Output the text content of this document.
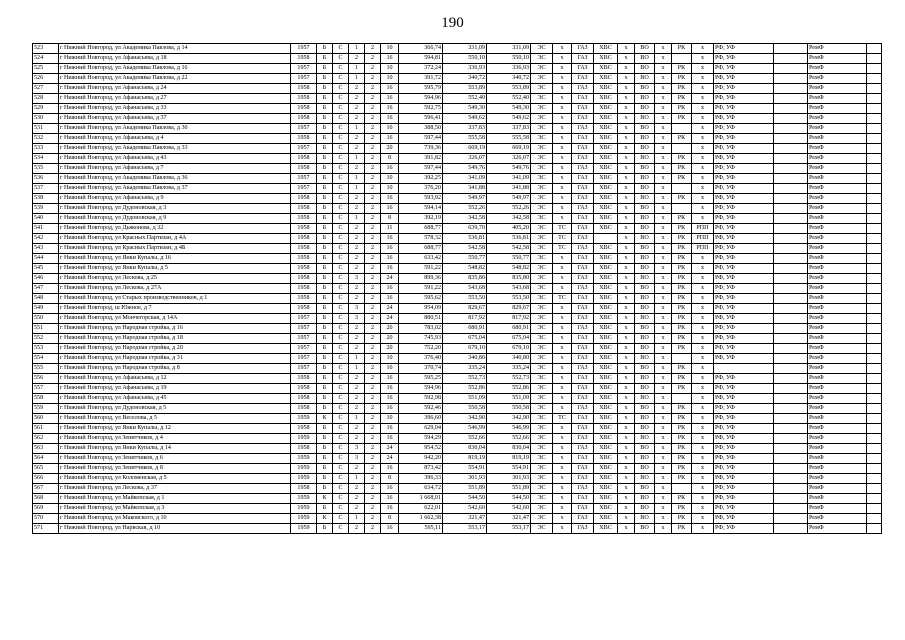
190
523	г Нижний Новгород, ул Академика Павлова, д 14	1957	Б	С	1	2	10	366,74	331,09	331,09	ЭС	х	ГАЗ	ХВС	х	ВО	х	РК	х	РФ, УФ		РемФ	
524	г Нижний Новгород, ул Афанасьева, д 18	1958	Б	С	2	2	16	594,81	550,10	550,10	ЭС	х	ГАЗ	ХВС	х	ВО	х		х	РФ, УФ		РемФ	
525	г Нижний Новгород, ул Академика Павлова, д 16	1957	Б	С	1	2	10	372,24	336,93	336,93	ЭС	х	ГАЗ	ХВС	х	ВО	х	РК	х	РФ, УФ		РемФ	
526	г Нижний Новгород, ул Академика Павлова, д 22	1957	Б	С	1	2	10	391,72	340,72	340,72	ЭС	х	ГАЗ	ХВС	х	ВО	х	РК	х	РФ, УФ		РемФ	
527	г Нижний Новгород, ул Афанасьева, д 24	1958	Б	С	2	2	16	595,79	553,89	553,89	ЭС	х	ГАЗ	ХВС	х	ВО	х	РК	х	РФ, УФ		РемФ	
528	г Нижний Новгород, ул Афанасьева, д 27	1958	Б	С	2	2	16	594,96	552,40	552,40	ЭС	х	ГАЗ	ХВС	х	ВО	х	РК	х	РФ, УФ		РемФ	
529	г Нижний Новгород, ул Афанасьева, д 33	1958	Б	С	2	2	16	592,75	549,30	549,30	ЭС	х	ГАЗ	ХВС	х	ВО	х	РК	х	РФ, УФ		РемФ	
530	г Нижний Новгород, ул Афанасьева, д 37	1958	Б	С	2	2	16	596,41	549,62	549,62	ЭС	х	ГАЗ	ХВС	х	ВО	х	РК	х	РФ, УФ		РемФ	
531	г Нижний Новгород, ул Академика Павлова, д 30	1957	Б	С	1	2	10	388,50	337,83	337,83	ЭС	х	ГАЗ	ХВС	х	ВО	х		х	РФ, УФ		РемФ	
532	г Нижний Новгород, ул Афанасьева, д 4	1958	Б	С	2	2	16	597,44	555,58	555,58	ЭС	х	ГАЗ	ХВС	х	ВО	х	РК	х	РФ, УФ		РемФ	
533	г Нижний Новгород, ул Академика Павлова, д 33	1957	Б	С	2	2	20	739,36	669,19	669,19	ЭС	х	ГАЗ	ХВС	х	ВО	х		х	РФ, УФ		РемФ	
534	г Нижний Новгород, ул Афанасьева, д 43	1958	Б	С	1	2	8	391,82	326,07	326,07	ЭС	х	ГАЗ	ХВС	х	ВО	х	РК	х	РФ, УФ		РемФ	
535	г Нижний Новгород, ул Афанасьева, д 7	1958	Б	С	2	2	16	597,44	549,76	549,76	ЭС	х	ГАЗ	ХВС	х	ВО	х	РК	х	РФ, УФ		РемФ	
536	г Нижний Новгород, ул Академика Павлова, д 36	1957	Б	С	1	2	10	392,25	341,09	341,09	ЭС	х	ГАЗ	ХВС	х	ВО	х	РК	х	РФ, УФ		РемФ	
537	г Нижний Новгород, ул Академика Павлова, д 37	1957	Б	С	1	2	10	376,20	341,88	341,88	ЭС	х	ГАЗ	ХВС	х	ВО	х		х	РФ, УФ		РемФ	
538	г Нижний Новгород, ул Афанасьева, д 9	1958	Б	С	2	2	16	593,92	549,97	549,97	ЭС	х	ГАЗ	ХВС	х	ВО	х	РК	х	РФ, УФ		РемФ	
539	г Нижний Новгород, ул Дудоновская, д 3	1958	Б	С	2	2	16	594,14	552,26	552,26	ЭС	х	ГАЗ	ХВС	х	ВО	х		х	РФ, УФ		РемФ	
540	г Нижний Новгород, ул Дудоновская, д 9	1958	Б	С	1	2	8	392,19	342,58	342,58	ЭС	х	ГАЗ	ХВС	х	ВО	х	РК	х	РФ, УФ		РемФ	
541	г Нижний Новгород, ул Дьяконова, д 32	1958	Б	С	2	2	11	688,77	639,70	405,20	ЭС	ТС	ГАЗ	ХВС	х	ВО	х	РК	РПП	РФ, УФ		РемФ	
542	г Нижний Новгород, ул Красных Партизан, д 4А	1958	Б	С	2	2	16	578,32	536,81	536,81	ЭС	ТС	ГАЗ		х	ВО	х	РК	РПП	РФ, УФ		РемФ	
543	г Нижний Новгород, ул Красных Партизан, д 4Б	1958	Б	С	2	2	16	688,77	542,58	542,58	ЭС	ТС	ГАЗ	ХВС	х	ВО	х	РК	РПП	РФ, УФ		РемФ	
544	г Нижний Новгород, ул Янки Купалы, д 16	1958	Б	С	2	2	16	633,42	550,77	550,77	ЭС	х	ГАЗ	ХВС	х	ВО	х	РК	х	РФ, УФ		РемФ	
545	г Нижний Новгород, ул Янки Купалы, д 5	1958	Б	С	2	2	16	591,22	548,82	548,82	ЭС	х	ГАЗ	ХВС	х	ВО	х	РК	х	РФ, УФ		РемФ	
546	г Нижний Новгород, ул Лескова, д 25	1958	Б	С	3	2	24	899,36	835,80	835,80	ЭС	х	ГАЗ	ХВС	х	ВО	х	РК	х	РФ, УФ		РемФ	
547	г Нижний Новгород, ул Лескова, д 27А	1958	Б	С	2	2	16	591,22	543,68	543,68	ЭС	х	ГАЗ	ХВС	х	ВО	х	РК	х	РФ, УФ		РемФ	
548	г Нижний Новгород, ул Старых производственников, д 1	1958	Б	С	2	2	16	595,62	553,50	553,50	ЭС	ТС	ГАЗ	ХВС	х	ВО	х	РК	х	РФ, УФ		РемФ	
549	г Нижний Новгород, ш Южное, д 7	1958	Б	С	3	2	24	954,09	829,67	829,67	ЭС	х	ГАЗ	ХВС	х	ВО	х	РК	х	РФ, УФ		РемФ	
550	г Нижний Новгород, ул Мончегорская, д 14А	1957	Б	С	3	2	24	880,51	817,92	817,92	ЭС	х	ГАЗ	ХВС	х	ВО	х	РК	х	РФ, УФ		РемФ	
551	г Нижний Новгород, ул Народная стройка, д 16	1957	Б	С	2	2	20	783,02	680,91	680,91	ЭС	х	ГАЗ	ХВС	х	ВО	х	РК	х	РФ, УФ		РемФ	
552	г Нижний Новгород, ул Народная стройка, д 18	1957	Б	С	2	2	20	745,93	675,04	675,04	ЭС	х	ГАЗ	ХВС	х	ВО	х	РК	х	РФ, УФ		РемФ	
553	г Нижний Новгород, ул Народная стройка, д 20	1957	Б	С	2	2	20	752,20	679,10	679,10	ЭС	х	ГАЗ	ХВС	х	ВО	х	РК	х	РФ, УФ		РемФ	
554	г Нижний Новгород, ул Народная стройка, д 31	1957	Б	С	1	2	10	376,40	340,80	340,80	ЭС	х	ГАЗ	ХВС	х	ВО	х		х	РФ, УФ		РемФ	
555	г Нижний Новгород, ул Народная стройка, д 8	1957	Б	С	1	2	10	370,74	335,24	335,24	ЭС	х	ГАЗ	ХВС	х	ВО	х	РК	х			РемФ	
556	г Нижний Новгород, ул Афанасьева, д 12	1958	Б	С	2	2	16	595,25	552,73	552,73	ЭС	х	ГАЗ	ХВС	х	ВО	х	РК	х	РФ, УФ		РемФ	
557	г Нижний Новгород, ул Афанасьева, д 19	1958	Б	С	2	2	16	594,96	552,86	552,86	ЭС	х	ГАЗ	ХВС	х	ВО	х	РК	х	РФ, УФ		РемФ	
558	г Нижний Новгород, ул Афанасьева, д 45	1958	Б	С	2	2	16	592,98	551,09	551,09	ЭС	х	ГАЗ	ХВС	х	ВО	х		х	РФ, УФ		РемФ	
559	г Нижний Новгород, ул Дудоновская, д 5	1958	Б	С	2	2	16	592,46	550,58	550,58	ЭС	х	ГАЗ	ХВС	х	ВО	х	РК	х	РФ, УФ		РемФ	
560	г Нижний Новгород, ул Веселова, д 5	1959	К	С	1	2	10	396,60	342,90	342,90	ЭС	ТС	ГАЗ	ХВС	х	ВО	х	РК	х	РФ, УФ		РемФ	
561	г Нижний Новгород, ул Янки Купалы, д 12	1958	Б	С	2	2	16	629,04	546,99	546,99	ЭС	х	ГАЗ	ХВС	х	ВО	х	РК	х	РФ, УФ		РемФ	
562	г Нижний Новгород, ул Зенитчиков, д 4	1959	Б	С	2	2	16	594,29	552,66	552,66	ЭС	х	ГАЗ	ХВС	х	ВО	х	РК	х	РФ, УФ		РемФ	
563	г Нижний Новгород, ул Янки Купалы, д 14	1958	Б	С	3	2	24	954,52	830,04	830,04	ЭС	х	ГАЗ	ХВС	х	ВО	х	РК	х	РФ, УФ		РемФ	
564	г Нижний Новгород, ул Зенитчиков, д 6	1959	Б	С	3	2	24	942,20	819,19	819,19	ЭС	х	ГАЗ	ХВС	х	ВО	х	РК	х	РФ, УФ		РемФ	
565	г Нижний Новгород, ул Зенитчиков, д 8	1959	Б	С	2	2	16	873,42	554,91	554,91	ЭС	х	ГАЗ	ХВС	х	ВО	х	РК	х	РФ, УФ		РемФ	
566	г Нижний Новгород, ул Коломенская, д 5	1959	Б	С	1	2	8	396,33	301,93	301,93	ЭС	х	ГАЗ	ХВС	х	ВО	х	РК	х	РФ, УФ		РемФ	
567	г Нижний Новгород, ул Лескова, д 37	1958	Б	С	2	2	16	634,72	551,89	551,89	ЭС	х	ГАЗ	ХВС	х	ВО	х		х	РФ, УФ		РемФ	
568	г Нижний Новгород, ул Майкопская, д 1	1959	К	С	2	2	16	1 668,01	544,50	544,50	ЭС	х	ГАЗ	ХВС	х	ВО	х	РК	х	РФ, УФ		РемФ	
569	г Нижний Новгород, ул Майкопская, д 3	1959	Б	С	2	2	16	622,01	542,60	542,60	ЭС	х	ГАЗ	ХВС	х	ВО	х	РК	х	РФ, УФ		РемФ	
570	г Нижний Новгород, ул Маковского, д 10	1959	К	С	1	2	8	1 662,38	321,47	321,47	ЭС	х	ГАЗ	ХВС	х	ВО	х	РК	х	РФ, УФ		РемФ	
571	г Нижний Новгород, ул Нарвская, д 10	1959	Б	С	2	2	16	595,11	553,17	553,17	ЭС	х	ГАЗ	ХВС	х	ВО	х	РК	х	РФ, УФ		РемФ	
